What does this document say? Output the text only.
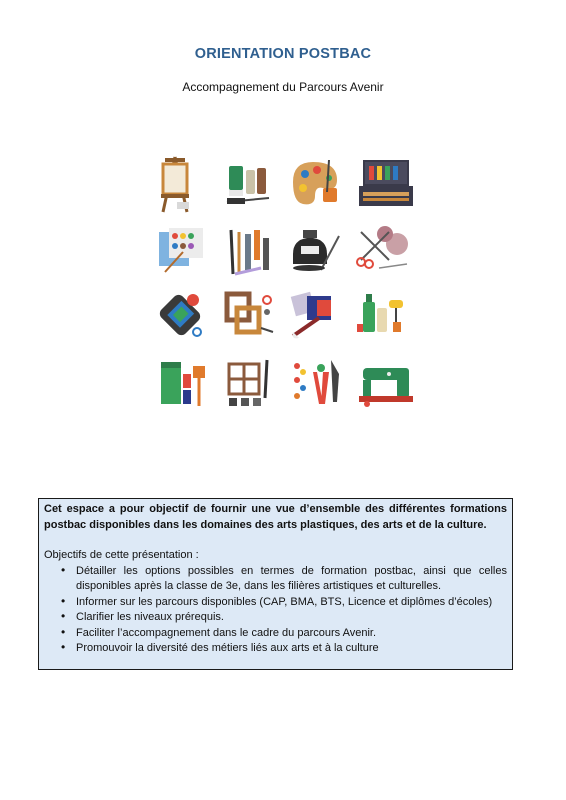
ORIENTATION POSTBAC
Accompagnement du Parcours Avenir

Cet espace a pour objectif de fournir une vue d’ensemble des différentes formations postbac disponibles dans les domaines des arts plastiques, des arts et de la culture.

Objectifs de cette présentation :

• Détailler les options possibles en termes de formation postbac, ainsi que celles disponibles après la classe de 3e, dans les filières artistiques et culturelles.
• Informer sur les parcours disponibles (CAP, BMA, BTS, Licence et diplômes d’écoles)
• Clarifier les niveaux prérequis.
• Faciliter l’accompagnement dans le cadre du parcours Avenir.
• Promouvoir la diversité des métiers liés aux arts et à la culture
